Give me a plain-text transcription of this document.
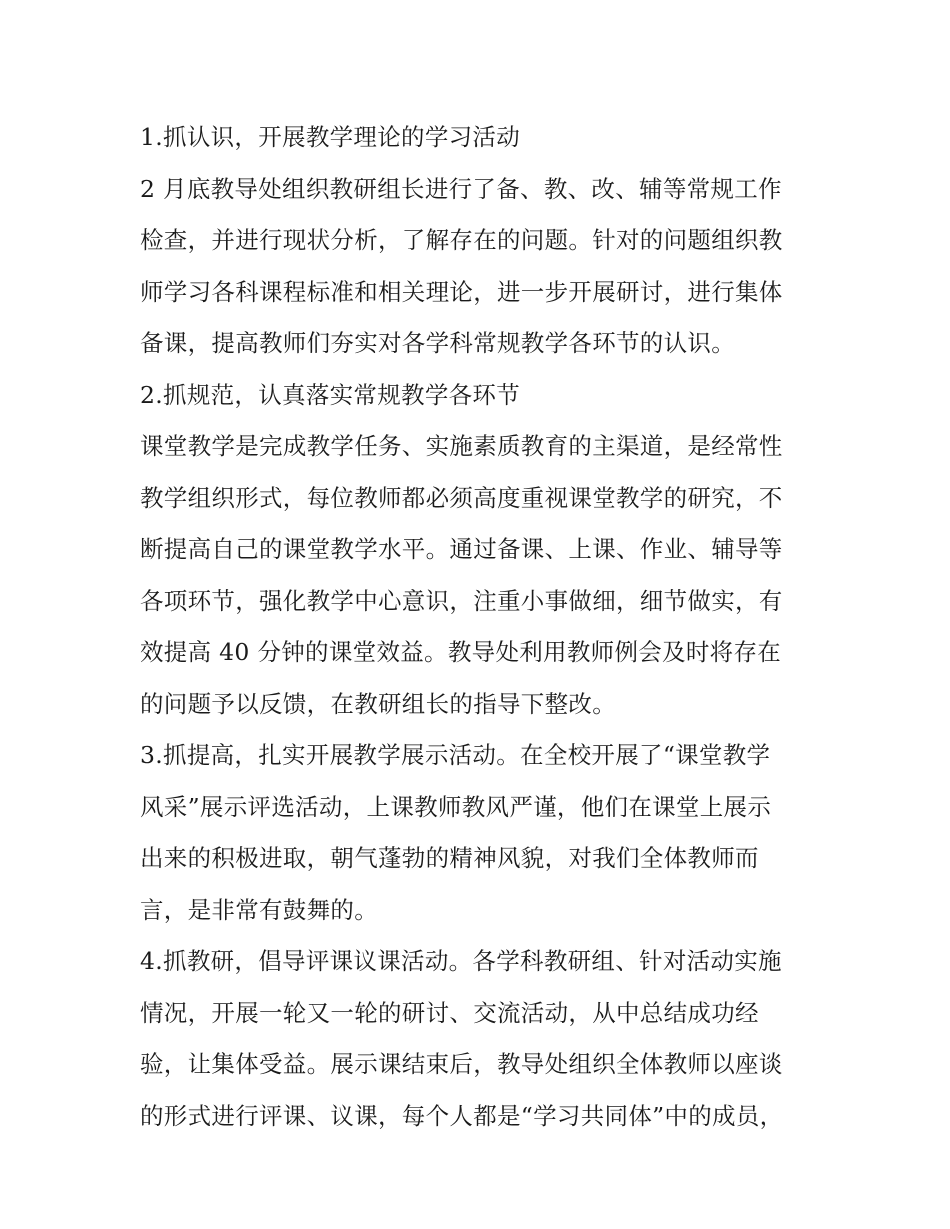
1.抓认识，开展教学理论的学习活动
2 月底教导处组织教研组长进行了备、教、改、辅等常规工作
检查，并进行现状分析，了解存在的问题。针对的问题组织教
师学习各科课程标准和相关理论，进一步开展研讨，进行集体
备课，提高教师们夯实对各学科常规教学各环节的认识。
2.抓规范，认真落实常规教学各环节
课堂教学是完成教学任务、实施素质教育的主渠道，是经常性
教学组织形式，每位教师都必须高度重视课堂教学的研究，不
断提高自己的课堂教学水平。通过备课、上课、作业、辅导等
各项环节，强化教学中心意识，注重小事做细，细节做实，有
效提高 40 分钟的课堂效益。教导处利用教师例会及时将存在
的问题予以反馈，在教研组长的指导下整改。
3.抓提高，扎实开展教学展示活动。在全校开展了“课堂教学
风采”展示评选活动，上课教师教风严谨，他们在课堂上展示
出来的积极进取，朝气蓬勃的精神风貌，对我们全体教师而
言，是非常有鼓舞的。
4.抓教研，倡导评课议课活动。各学科教研组、针对活动实施
情况，开展一轮又一轮的研讨、交流活动，从中总结成功经
验，让集体受益。展示课结束后，教导处组织全体教师以座谈
的形式进行评课、议课，每个人都是“学习共同体”中的成员，
